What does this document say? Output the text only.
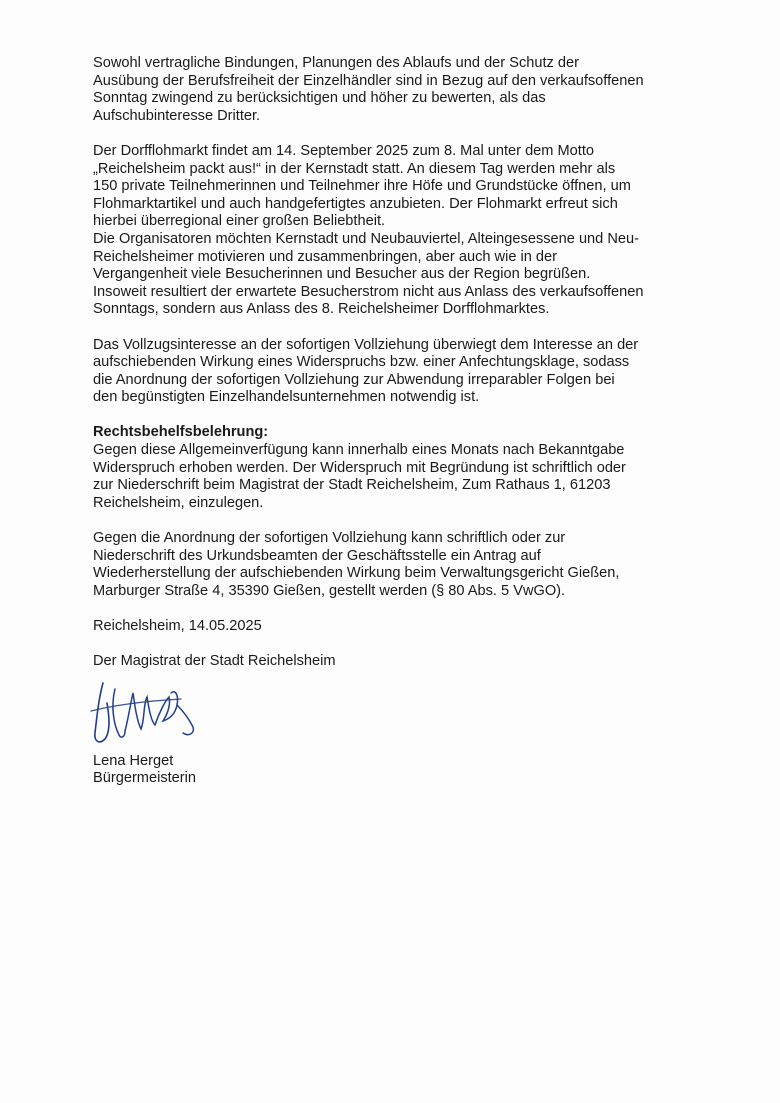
Sowohl vertragliche Bindungen, Planungen des Ablaufs und der Schutz der
Ausübung der Berufsfreiheit der Einzelhändler sind in Bezug auf den verkaufsoffenen
Sonntag zwingend zu berücksichtigen und höher zu bewerten, als das
Aufschubinteresse Dritter.
Der Dorfflohmarkt findet am 14. September 2025 zum 8. Mal unter dem Motto
„Reichelsheim packt aus!“ in der Kernstadt statt. An diesem Tag werden mehr als
150 private Teilnehmerinnen und Teilnehmer ihre Höfe und Grundstücke öffnen, um
Flohmarktartikel und auch handgefertigtes anzubieten. Der Flohmarkt erfreut sich
hierbei überregional einer großen Beliebtheit.
Die Organisatoren möchten Kernstadt und Neubauviertel, Alteingesessene und Neu-
Reichelsheimer motivieren und zusammenbringen, aber auch wie in der
Vergangenheit viele Besucherinnen und Besucher aus der Region begrüßen.
Insoweit resultiert der erwartete Besucherstrom nicht aus Anlass des verkaufsoffenen
Sonntags, sondern aus Anlass des 8. Reichelsheimer Dorfflohmarktes.
Das Vollzugsinteresse an der sofortigen Vollziehung überwiegt dem Interesse an der
aufschiebenden Wirkung eines Widerspruchs bzw. einer Anfechtungsklage, sodass
die Anordnung der sofortigen Vollziehung zur Abwendung irreparabler Folgen bei
den begünstigten Einzelhandelsunternehmen notwendig ist.
Rechtsbehelfsbelehrung:
Gegen diese Allgemeinverfügung kann innerhalb eines Monats nach Bekanntgabe
Widerspruch erhoben werden. Der Widerspruch mit Begründung ist schriftlich oder
zur Niederschrift beim Magistrat der Stadt Reichelsheim, Zum Rathaus 1, 61203
Reichelsheim, einzulegen.
Gegen die Anordnung der sofortigen Vollziehung kann schriftlich oder zur
Niederschrift des Urkundsbeamten der Geschäftsstelle ein Antrag auf
Wiederherstellung der aufschiebenden Wirkung beim Verwaltungsgericht Gießen,
Marburger Straße 4, 35390 Gießen, gestellt werden (§ 80 Abs. 5 VwGO).
Reichelsheim, 14.05.2025
Der Magistrat der Stadt Reichelsheim
Lena Herget
Bürgermeisterin
